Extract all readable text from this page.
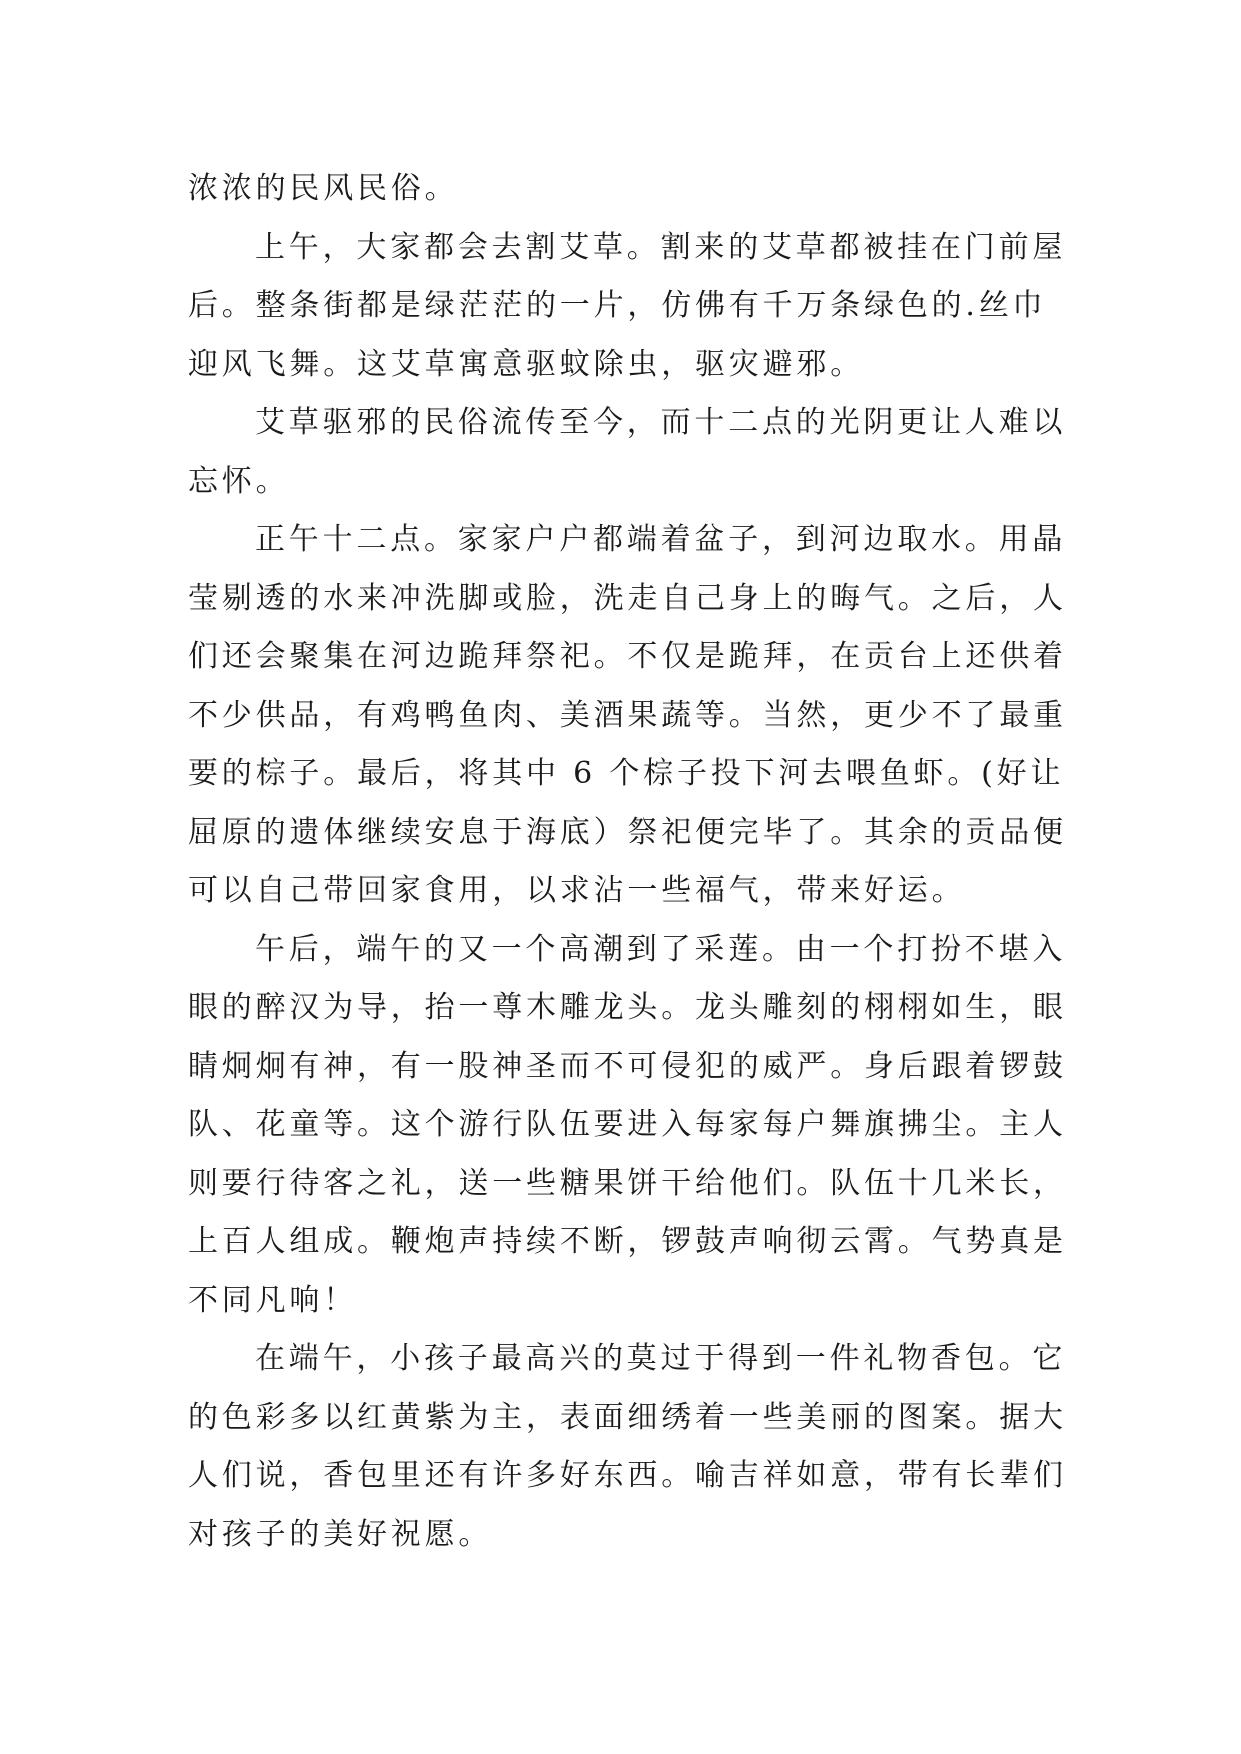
浓浓的民风民俗。
上午，大家都会去割艾草。割来的艾草都被挂在门前屋
后。整条街都是绿茫茫的一片，仿佛有千万条绿色的.丝巾
迎风飞舞。这艾草寓意驱蚊除虫，驱灾避邪。
艾草驱邪的民俗流传至今，而十二点的光阴更让人难以
忘怀。
正午十二点。家家户户都端着盆子，到河边取水。用晶
莹剔透的水来冲洗脚或脸，洗走自己身上的晦气。之后，人
们还会聚集在河边跪拜祭祀。不仅是跪拜，在贡台上还供着
不少供品，有鸡鸭鱼肉、美酒果蔬等。当然，更少不了最重
要的棕子。最后，将其中 6 个棕子投下河去喂鱼虾。(好让
屈原的遗体继续安息于海底）祭祀便完毕了。其余的贡品便
可以自己带回家食用，以求沾一些福气，带来好运。
午后，端午的又一个高潮到了采莲。由一个打扮不堪入
眼的醉汉为导，抬一尊木雕龙头。龙头雕刻的栩栩如生，眼
睛炯炯有神，有一股神圣而不可侵犯的威严。身后跟着锣鼓
队、花童等。这个游行队伍要进入每家每户舞旗拂尘。主人
则要行待客之礼，送一些糖果饼干给他们。队伍十几米长，
上百人组成。鞭炮声持续不断，锣鼓声响彻云霄。气势真是
不同凡响！
在端午，小孩子最高兴的莫过于得到一件礼物香包。它
的色彩多以红黄紫为主，表面细绣着一些美丽的图案。据大
人们说，香包里还有许多好东西。喻吉祥如意，带有长辈们
对孩子的美好祝愿。
